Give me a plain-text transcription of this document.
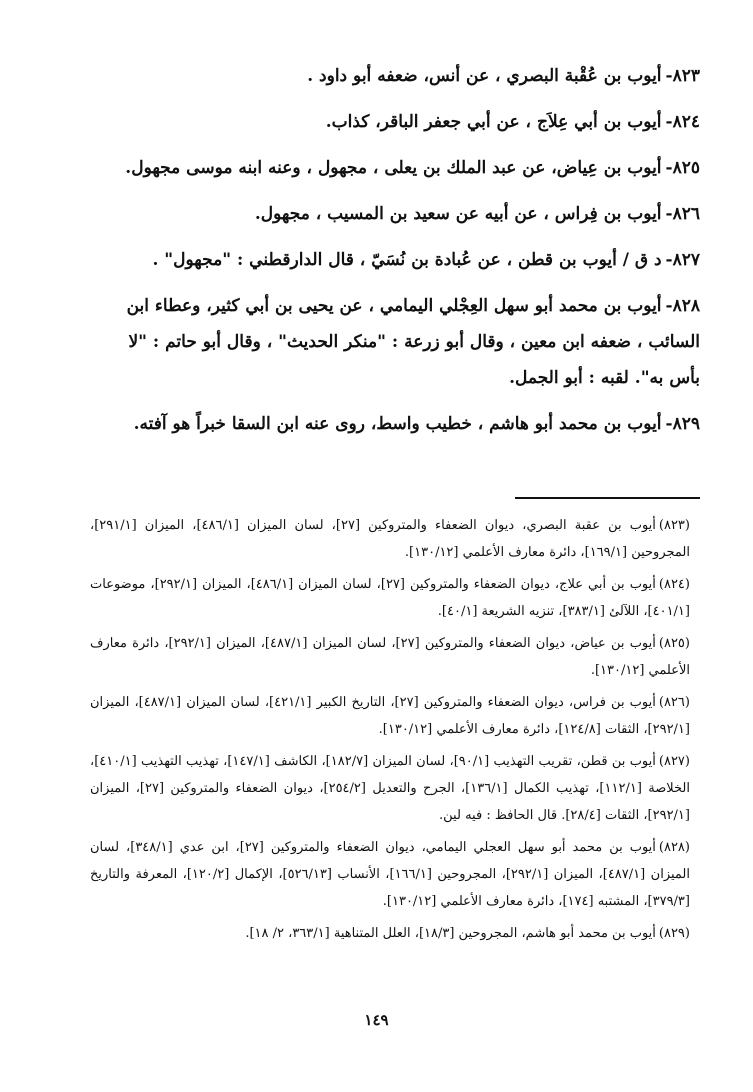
٨٢٣-أيوب بن عُقْبة البصري ، عن أنس، ضعفه أبو داود .

٨٢٤-أيوب بن أبي عِلاَج ، عن أبي جعفر الباقر، كذاب.

٨٢٥-أيوب بن عِياض، عن عبد الملك بن يعلى ، مجهول ، وعنه ابنه موسى مجهول.

٨٢٦-أيوب بن فِراس ، عن أبيه عن سعيد بن المسيب ، مجهول.

٨٢٧-د ق / أيوب بن قطن ، عن عُبادة بن نُسَيّ ، قال الدارقطني : "مجهول" .

٨٢٨-أيوب بن محمد أبو سهل العِجْلي اليمامي ، عن يحيى بن أبي كثير، وعطاء ابن السائب ، ضعفه ابن معين ، وقال أبو زرعة : "منكر الحديث" ، وقال أبو حاتم : "لا بأس به". لقبه : أبو الجمل.

٨٢٩-أيوب بن محمد أبو هاشم ، خطيب واسط، روى عنه ابن السقا خبراً هو آفته.

(٨٢٣)أيوب بن عقبة البصري، ديوان الضعفاء والمتروكين [٢٧]، لسان الميزان [٤٨٦/١]، الميزان [٢٩١/١]، المجروحين [١٦٩/١]، دائرة معارف الأعلمي [١٣٠/١٢].

(٨٢٤)أيوب بن أبي علاج، ديوان الضعفاء والمتروكين [٢٧]، لسان الميزان [٤٨٦/١]، الميزان [٢٩٢/١]، موضوعات [٤٠١/١]، اللآلئ [٣٨٣/١]، تنزيه الشريعة [٤٠/١].

(٨٢٥)أيوب بن عياض، ديوان الضعفاء والمتروكين [٢٧]، لسان الميزان [٤٨٧/١]، الميزان [٢٩٢/١]، دائرة معارف الأعلمي [١٣٠/١٢].

(٨٢٦)أيوب بن فراس، ديوان الضعفاء والمتروكين [٢٧]، التاريخ الكبير [٤٢١/١]، لسان الميزان [٤٨٧/١]، الميزان [٢٩٢/١]، الثقات [١٢٤/٨]، دائرة معارف الأعلمي [١٣٠/١٢].

(٨٢٧)أيوب بن قطن، تقريب التهذيب [٩٠/١]، لسان الميزان [١٨٢/٧]، الكاشف [١٤٧/١]، تهذيب التهذيب [٤١٠/١]، الخلاصة [١١٢/١]، تهذيب الكمال [١٣٦/١]، الجرح والتعديل [٢٥٤/٢]، ديوان الضعفاء والمتروكين [٢٧]، الميزان [٢٩٢/١]، الثقات [٢٨/٤]. قال الحافظ : فيه لين.

(٨٢٨)أيوب بن محمد أبو سهل العجلي اليمامي، ديوان الضعفاء والمتروكين [٢٧]، ابن عدي [٣٤٨/١]، لسان الميزان [٤٨٧/١]، الميزان [٢٩٢/١]، المجروحين [١٦٦/١]، الأنساب [٥٢٦/١٣]، الإكمال [١٢٠/٢]، المعرفة والتاريخ [٣٧٩/٣]، المشتبه [١٧٤]، دائرة معارف الأعلمي [١٣٠/١٢].

(٨٢٩)أيوب بن محمد أبو هاشم، المجروحين [١٨/٣]، العلل المتناهية [٣٦٣/١، ٢/ ١٨].

١٤٩
